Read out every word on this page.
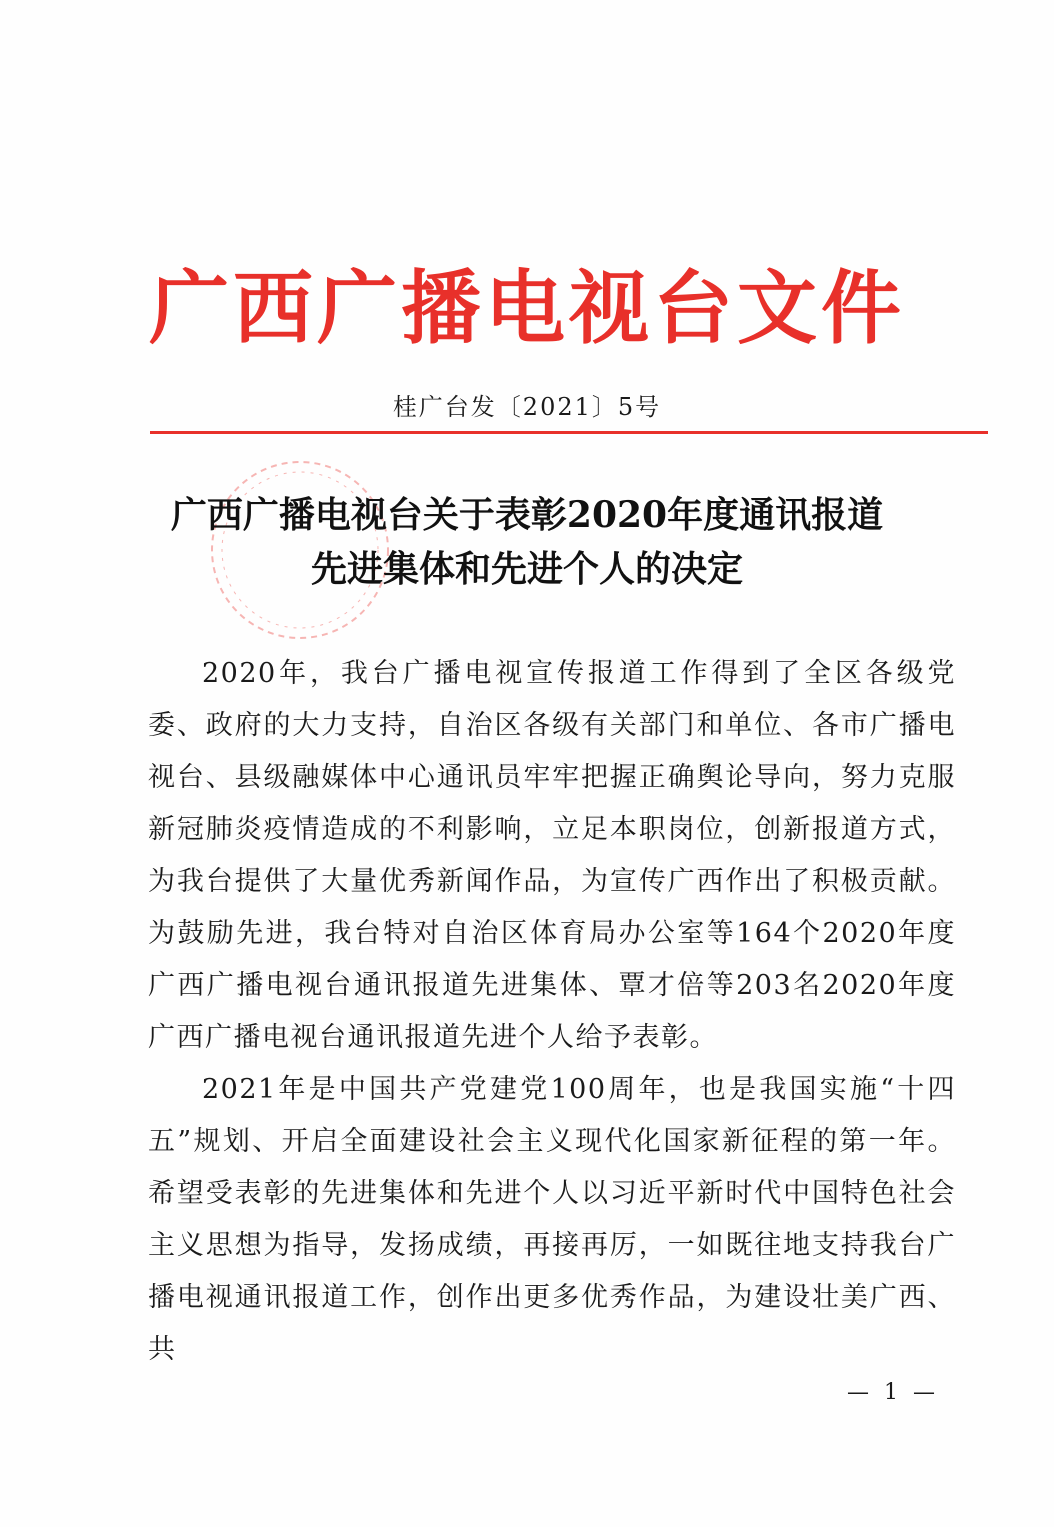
广西广播电视台文件
桂广台发〔2021〕5号
广西广播电视台关于表彰2020年度通讯报道
先进集体和先进个人的决定

2020年，我台广播电视宣传报道工作得到了全区各级党委、政府的大力支持，自治区各级有关部门和单位、各市广播电视台、县级融媒体中心通讯员牢牢把握正确舆论导向，努力克服新冠肺炎疫情造成的不利影响，立足本职岗位，创新报道方式，为我台提供了大量优秀新闻作品，为宣传广西作出了积极贡献。为鼓励先进，我台特对自治区体育局办公室等164个2020年度广西广播电视台通讯报道先进集体、覃才倍等203名2020年度广西广播电视台通讯报道先进个人给予表彰。

2021年是中国共产党建党100周年，也是我国实施“十四五”规划、开启全面建设社会主义现代化国家新征程的第一年。希望受表彰的先进集体和先进个人以习近平新时代中国特色社会主义思想为指导，发扬成绩，再接再厉，一如既往地支持我台广播电视通讯报道工作，创作出更多优秀作品，为建设壮美广西、共

— 1 —
